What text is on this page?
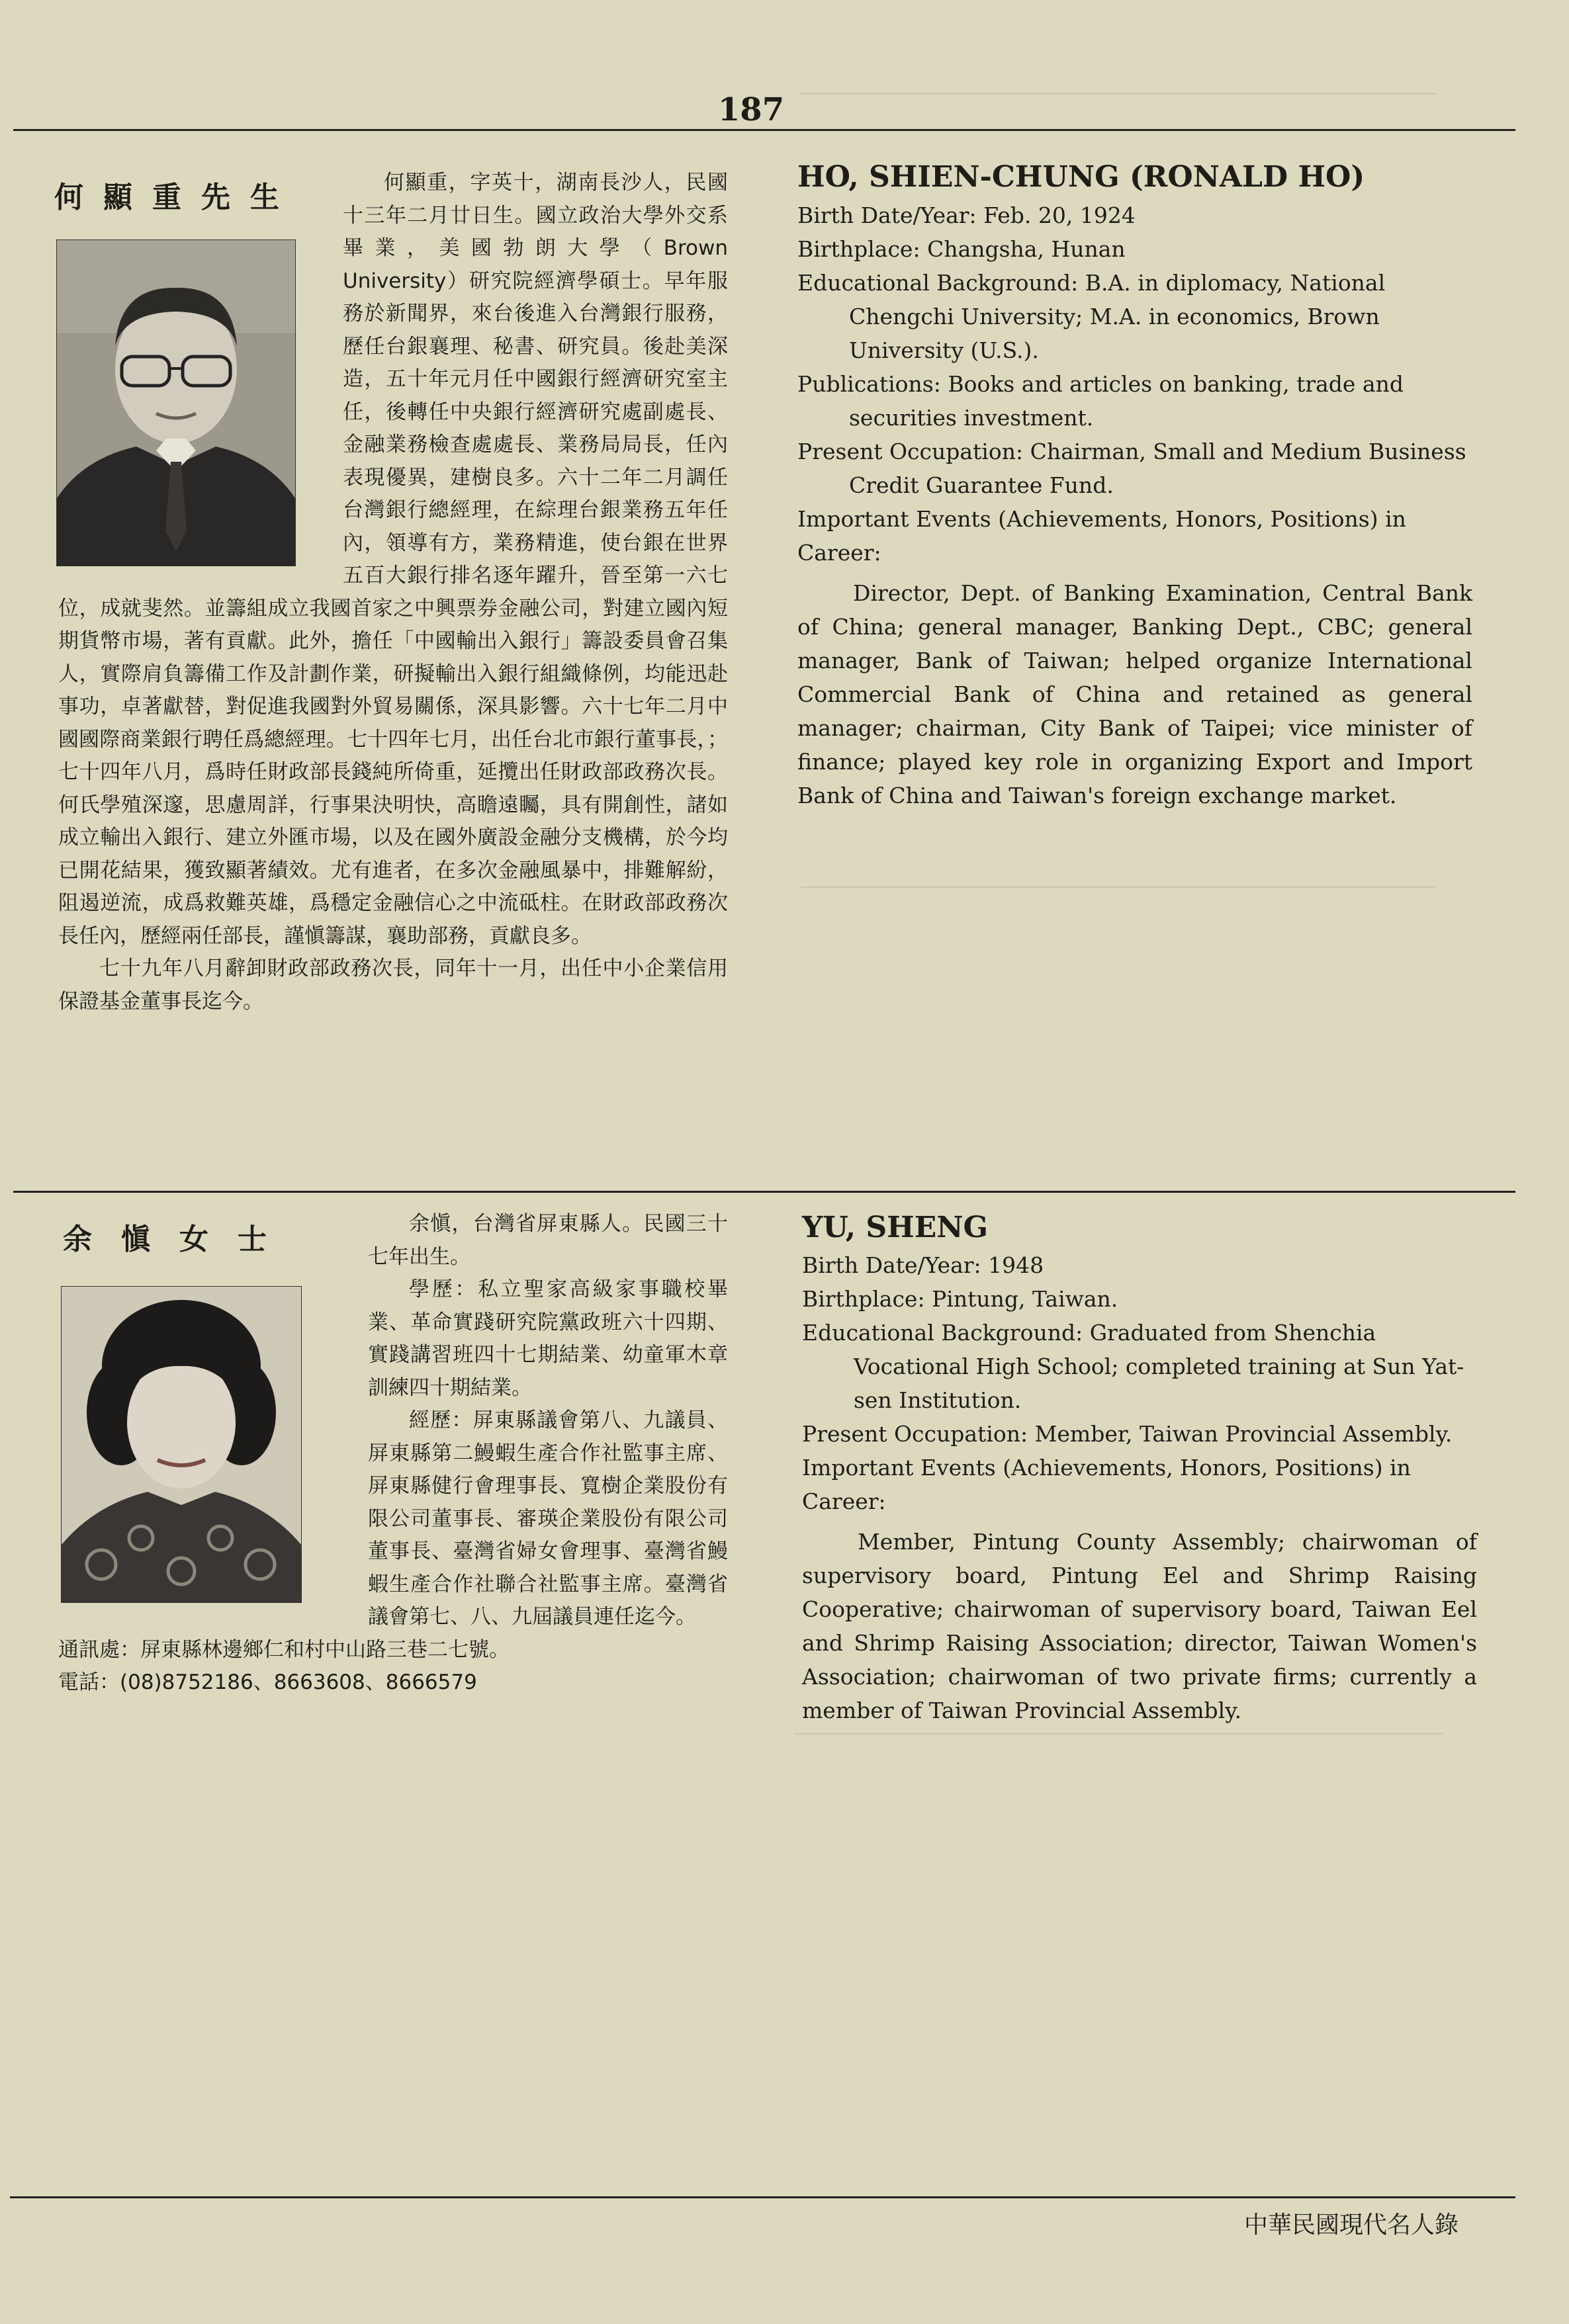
187
何顯重先生	何顯重，字英十，湖南長沙人，民國十三年二月廿日生。國立政治大學外交系畢業，美國勃朗大學（Brown University）研究院經濟學碩士。早年服務於新聞界，來台後進入台灣銀行服務，歷任台銀襄理、秘書、研究員。後赴美深造，五十年元月任中國銀行經濟研究室主任，後轉任中央銀行經濟研究處副處長、金融業務檢查處處長、業務局局長，任內表現優異，建樹良多。六十二年二月調任台灣銀行總經理，在綜理台銀業務五年任內，領導有方，業務精進，使台銀在世界五百大銀行排名逐年躍升，晉至第一六七位，成就斐然。並籌組成立我國首家之中興票券金融公司，對建立國內短期貨幣市場，著有貢獻。此外，擔任「中國輸出入銀行」籌設委員會召集人，實際肩負籌備工作及計劃作業，研擬輸出入銀行組織條例，均能迅赴事功，卓著獻替，對促進我國對外貿易關係，深具影響。六十七年二月中國國際商業銀行聘任爲總經理。七十四年七月，出任台北市銀行董事長，；七十四年八月，爲時任財政部長錢純所倚重，延攬出任財政部政務次長。何氏學殖深邃，思慮周詳，行事果決明快，高瞻遠矚，具有開創性，諸如成立輸出入銀行、建立外匯市場，以及在國外廣設金融分支機構，於今均已開花結果，獲致顯著績效。尤有進者，在多次金融風暴中，排難解紛，阻遏逆流，成爲救難英雄，爲穩定金融信心之中流砥柱。在財政部政務次長任內，歷經兩任部長，謹愼籌謀，襄助部務，貢獻良多。

七十九年八月辭卸財政部政務次長，同年十一月，出任中小企業信用保證基金董事長迄今。

HO, SHIEN-CHUNG (RONALD HO)

Birth Date/Year: Feb. 20, 1924

Birthplace: Changsha, Hunan

Educational Background: B.A. in diplomacy, National Chengchi University; M.A. in economics, Brown University (U.S.).

Publications: Books and articles on banking, trade and securities investment.

Present Occupation: Chairman, Small and Medium Business Credit Guarantee Fund.

Important Events (Achievements, Honors, Positions) in Career:

Director, Dept. of Banking Examination, Central Bank of China; general manager, Banking Dept., CBC; general manager, Bank of Taiwan; helped organize International Commercial Bank of China and retained as general manager; chairman, City Bank of Taipei; vice minister of finance; played key role in organizing Export and Import Bank of China and Taiwan's foreign exchange market.

余愼女士	余愼，台灣省屏東縣人。民國三十七年出生。

學歷：私立聖家高級家事職校畢業、革命實踐研究院黨政班六十四期、實踐講習班四十七期結業、幼童軍木章訓練四十期結業。

經歷：屏東縣議會第八、九議員、屏東縣第二鰻蝦生產合作社監事主席、屏東縣健行會理事長、寬樹企業股份有限公司董事長、審瑛企業股份有限公司董事長、臺灣省婦女會理事、臺灣省鰻蝦生產合作社聯合社監事主席。臺灣省議會第七、八、九屆議員連任迄今。

通訊處：屏東縣林邊鄉仁和村中山路三巷二七號。

電話：(08)8752186、8663608、8666579

YU, SHENG

Birth Date/Year: 1948

Birthplace: Pintung, Taiwan.

Educational Background: Graduated from Shenchia Vocational High School; completed training at Sun Yat-sen Institution.

Present Occupation: Member, Taiwan Provincial Assembly.

Important Events (Achievements, Honors, Positions) in Career:

Member, Pintung County Assembly; chairwoman of supervisory board, Pintung Eel and Shrimp Raising Cooperative; chairwoman of supervisory board, Taiwan Eel and Shrimp Raising Association; director, Taiwan Women's Association; chairwoman of two private firms; currently a member of Taiwan Provincial Assembly.

中華民國現代名人錄
